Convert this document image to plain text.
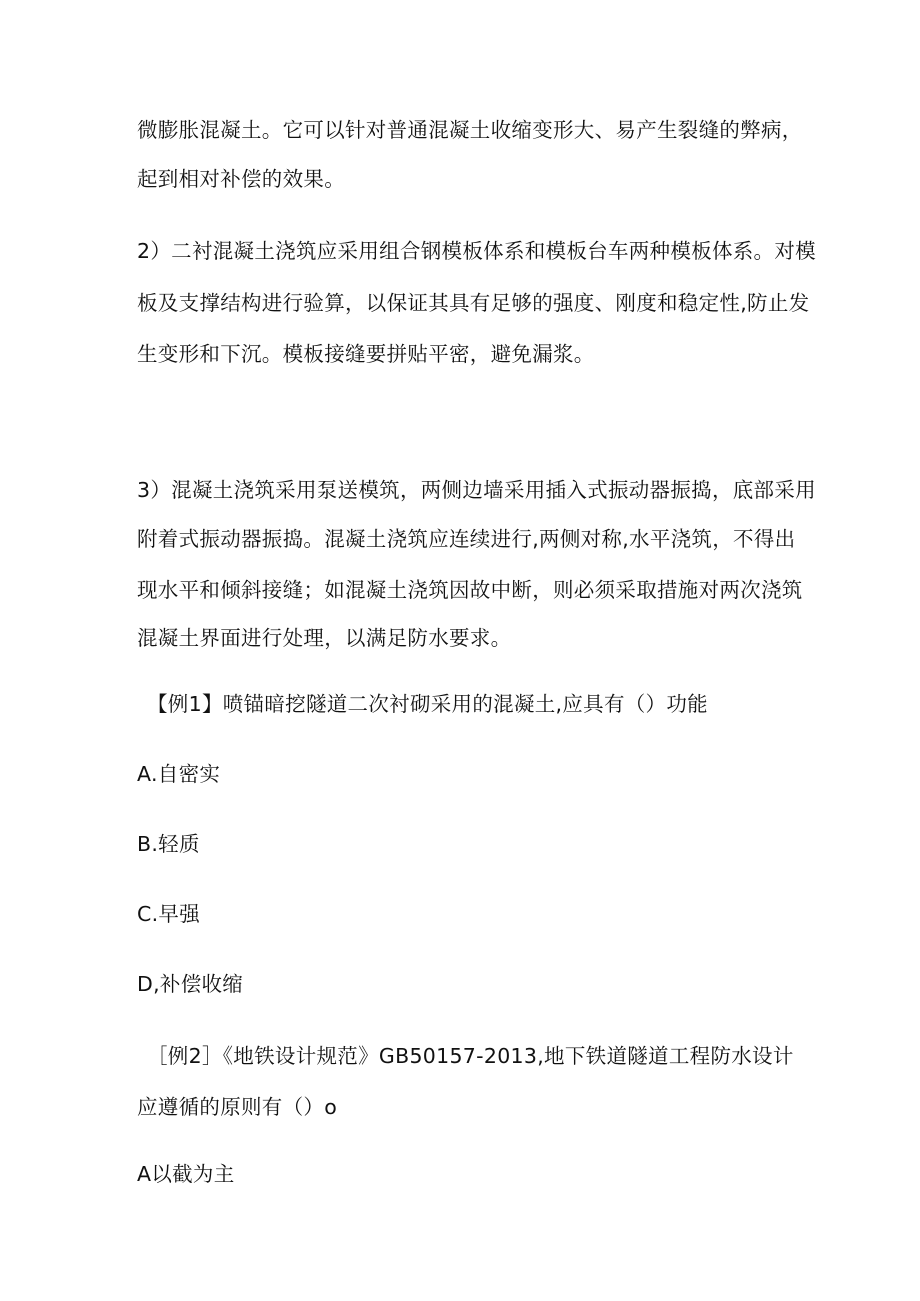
微膨胀混凝土。它可以针对普通混凝土收缩变形大、易产生裂缝的弊病，
起到相对补偿的效果。
2）二衬混凝土浇筑应采用组合钢模板体系和模板台车两种模板体系。对模
板及支撑结构进行验算，以保证其具有足够的强度、刚度和稳定性,防止发
生变形和下沉。模板接缝要拼贴平密，避免漏浆。
3）混凝土浇筑采用泵送模筑，两侧边墙采用插入式振动器振捣，底部采用
附着式振动器振捣。混凝土浇筑应连续进行,两侧对称,水平浇筑，不得出
现水平和倾斜接缝；如混凝土浇筑因故中断，则必须采取措施对两次浇筑
混凝土界面进行处理，以满足防水要求。
【例1】喷锚暗挖隧道二次衬砌采用的混凝土,应具有（）功能
A.自密实
B.轻质
C.早强
D,补偿收缩
［例2］《地铁设计规范》GB50157-2013,地下铁道隧道工程防水设计
应遵循的原则有（）o
A以截为主
